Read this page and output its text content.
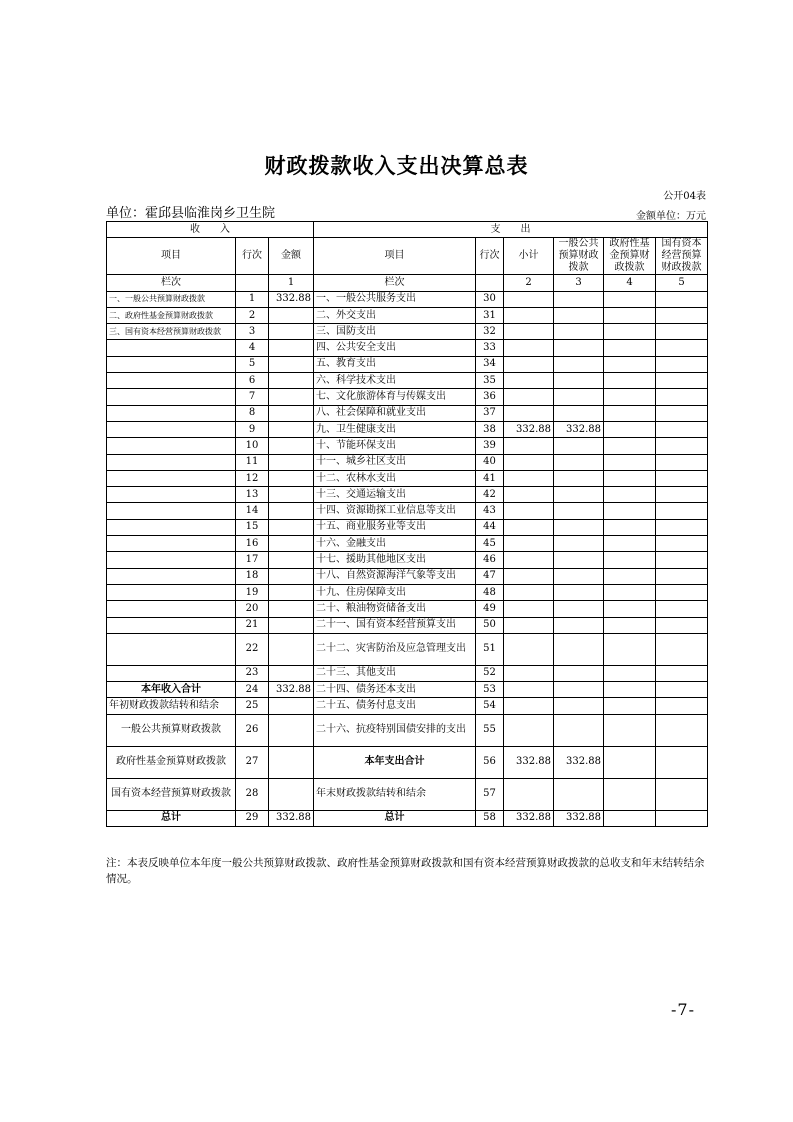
财政拨款收入支出决算总表
公开04表
单位：霍邱县临淮岗乡卫生院	金额单位：万元
收　　入			支　　出					
项目	行次	金额	项目	行次	小计	一般公共预算财政拨款	政府性基金预算财政拨款	国有资本经营预算财政拨款
栏次		1	栏次		2	3	4	5
一、一般公共预算财政拨款	1	332.88	一、一般公共服务支出	30				
二、政府性基金预算财政拨款	2		二、外交支出	31				
三、国有资本经营预算财政拨款	3		三、国防支出	32				
	4		四、公共安全支出	33				
	5		五、教育支出	34				
	6		六、科学技术支出	35				
	7		七、文化旅游体育与传媒支出	36				
	8		八、社会保障和就业支出	37				
	9		九、卫生健康支出	38	332.88	332.88		
	10		十、节能环保支出	39				
	11		十一、城乡社区支出	40				
	12		十二、农林水支出	41				
	13		十三、交通运输支出	42				
	14		十四、资源勘探工业信息等支出	43				
	15		十五、商业服务业等支出	44				
	16		十六、金融支出	45				
	17		十七、援助其他地区支出	46				
	18		十八、自然资源海洋气象等支出	47				
	19		十九、住房保障支出	48				
	20		二十、粮油物资储备支出	49				
	21		二十一、国有资本经营预算支出	50				
	22		二十二、灾害防治及应急管理支出	51				
	23		二十三、其他支出	52				
本年收入合计	24	332.88	二十四、债务还本支出	53				
年初财政拨款结转和结余	25		二十五、债务付息支出	54				
一般公共预算财政拨款	26		二十六、抗疫特别国债安排的支出	55				
政府性基金预算财政拨款	27		本年支出合计	56	332.88	332.88		
国有资本经营预算财政拨款	28		年末财政拨款结转和结余	57				
总计	29	332.88	总计	58	332.88	332.88		
注：本表反映单位本年度一般公共预算财政拨款、政府性基金预算财政拨款和国有资本经营预算财政拨款的总收支和年末结转结余情况。
-7-
